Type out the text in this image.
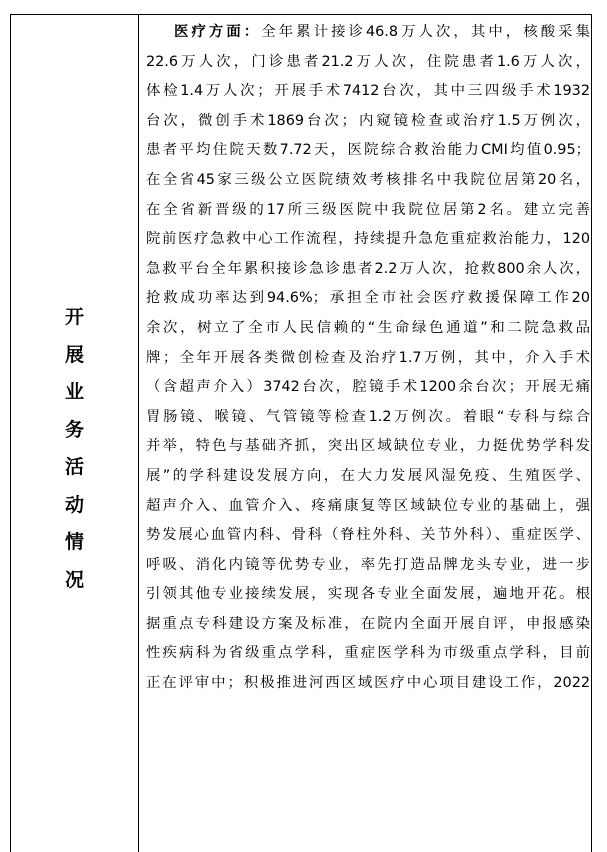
开
展
业
务
活
动
情
况
医疗方面：全年累计接诊46.8万人次，其中，核酸采集
22.6万人次，门诊患者21.2万人次，住院患者1.6万人次，
体检1.4万人次；开展手术7412台次，其中三四级手术1932
台次，微创手术1869台次；内窥镜检查或治疗1.5万例次，
患者平均住院天数7.72天，医院综合救治能力CMI均值0.95；
在全省45家三级公立医院绩效考核排名中我院位居第20名，
在全省新晋级的17所三级医院中我院位居第2名。建立完善
院前医疗急救中心工作流程，持续提升急危重症救治能力，120
急救平台全年累积接诊急诊患者2.2万人次，抢救800余人次，
抢救成功率达到94.6%；承担全市社会医疗救援保障工作20
余次，树立了全市人民信赖的“生命绿色通道”和二院急救品
牌；全年开展各类微创检查及治疗1.7万例，其中，介入手术
（含超声介入）3742台次，腔镜手术1200余台次；开展无痛
胃肠镜、喉镜、气管镜等检查1.2万例次。着眼“专科与综合
并举，特色与基础齐抓，突出区域缺位专业，力挺优势学科发
展”的学科建设发展方向，在大力发展风湿免疫、生殖医学、
超声介入、血管介入、疼痛康复等区域缺位专业的基础上，强
势发展心血管内科、骨科（脊柱外科、关节外科）、重症医学、
呼吸、消化内镜等优势专业，率先打造品牌龙头专业，进一步
引领其他专业接续发展，实现各专业全面发展，遍地开花。根
据重点专科建设方案及标准，在院内全面开展自评，申报感染
性疾病科为省级重点学科，重症医学科为市级重点学科，目前
正在评审中；积极推进河西区域医疗中心项目建设工作，2022
